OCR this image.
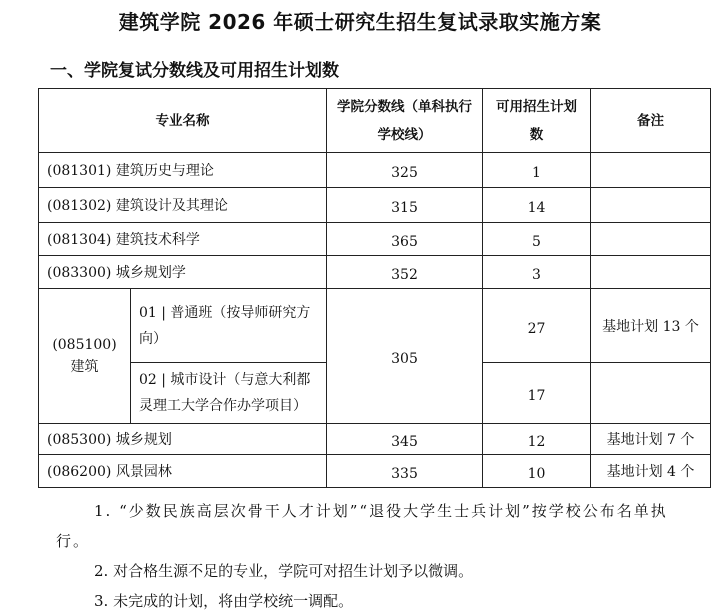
建筑学院 2026 年硕士研究生招生复试录取实施方案
一、学院复试分数线及可用招生计划数
专业名称		学院分数线（单科执行学校线）	可用招生计划数	备注
(081301) 建筑历史与理论		325	1	
(081302) 建筑设计及其理论		315	14	
(081304) 建筑技术科学		365	5	
(083300) 城乡规划学		352	3	
(085100) 建筑	01 | 普通班（按导师研究方向）	305	27	基地计划 13 个
	02 | 城市设计（与意大利都灵理工大学合作办学项目）		17	
(085300) 城乡规划		345	12	基地计划 7 个
(086200) 风景园林		335	10	基地计划 4 个

1. “少数民族高层次骨干人才计划”“退役大学生士兵计划”按学校公布名单执行。

2. 对合格生源不足的专业，学院可对招生计划予以微调。

3. 未完成的计划，将由学校统一调配。
